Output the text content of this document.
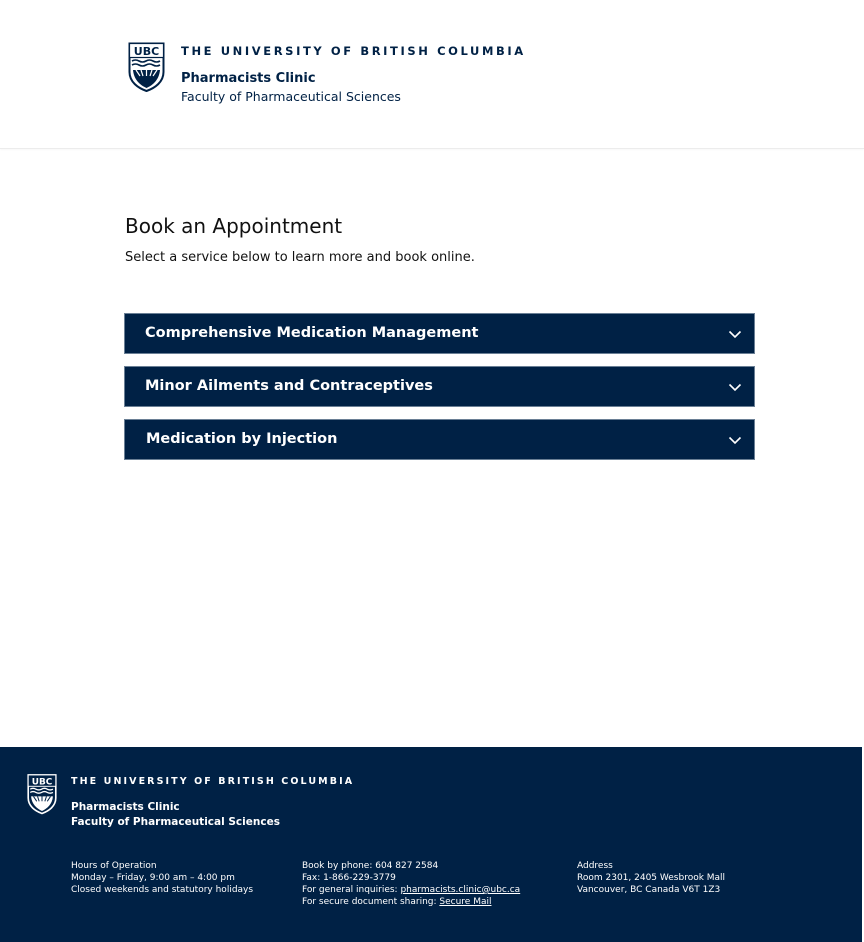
UBC THE UNIVERSITY OF BRITISH COLUMBIA
Pharmacists Clinic
Faculty of Pharmaceutical Sciences
Book an Appointment

Select a service below to learn more and book online.

Comprehensive Medication Management
Minor Ailments and Contraceptives
Medication by Injection
UBC THE UNIVERSITY OF BRITISH COLUMBIA
Pharmacists Clinic
Faculty of Pharmaceutical Sciences
Hours of Operation
Monday – Friday, 9:00 am – 4:00 pm
Closed weekends and statutory holidays
Book by phone: 604 827 2584
Fax: 1-866-229-3779
For general inquiries: pharmacists.clinic@ubc.ca
For secure document sharing: Secure Mail
Address
Room 2301, 2405 Wesbrook Mall
Vancouver, BC Canada V6T 1Z3
